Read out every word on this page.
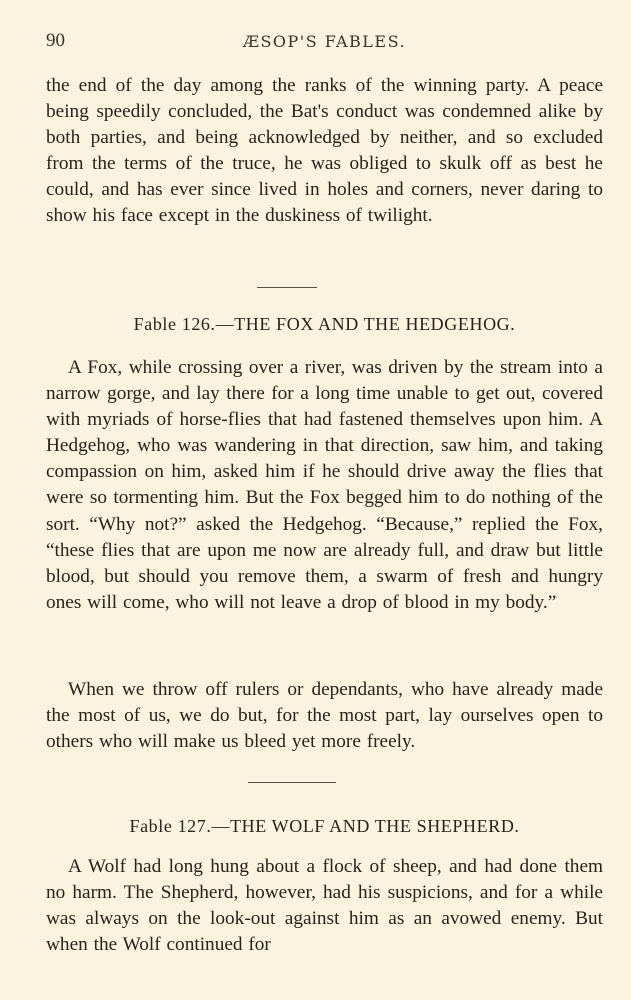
90	ÆSOP'S FABLES.

the end of the day among the ranks of the winning party. A peace being speedily concluded, the Bat's conduct was condemned alike by both parties, and being acknowledged by neither, and so excluded from the terms of the truce, he was obliged to skulk off as best he could, and has ever since lived in holes and corners, never daring to show his face except in the duskiness of twilight.

Fable 126.—THE FOX AND THE HEDGEHOG.

A Fox, while crossing over a river, was driven by the stream into a narrow gorge, and lay there for a long time unable to get out, covered with myriads of horse-flies that had fastened themselves upon him. A Hedgehog, who was wandering in that direction, saw him, and taking compassion on him, asked him if he should drive away the flies that were so tormenting him. But the Fox begged him to do nothing of the sort. “Why not?” asked the Hedgehog. “Because,” replied the Fox, “these flies that are upon me now are already full, and draw but little blood, but should you remove them, a swarm of fresh and hungry ones will come, who will not leave a drop of blood in my body.”

When we throw off rulers or dependants, who have already made the most of us, we do but, for the most part, lay ourselves open to others who will make us bleed yet more freely.

Fable 127.—THE WOLF AND THE SHEPHERD.

A Wolf had long hung about a flock of sheep, and had done them no harm. The Shepherd, however, had his suspicions, and for a while was always on the look-out against him as an avowed enemy. But when the Wolf continued for
